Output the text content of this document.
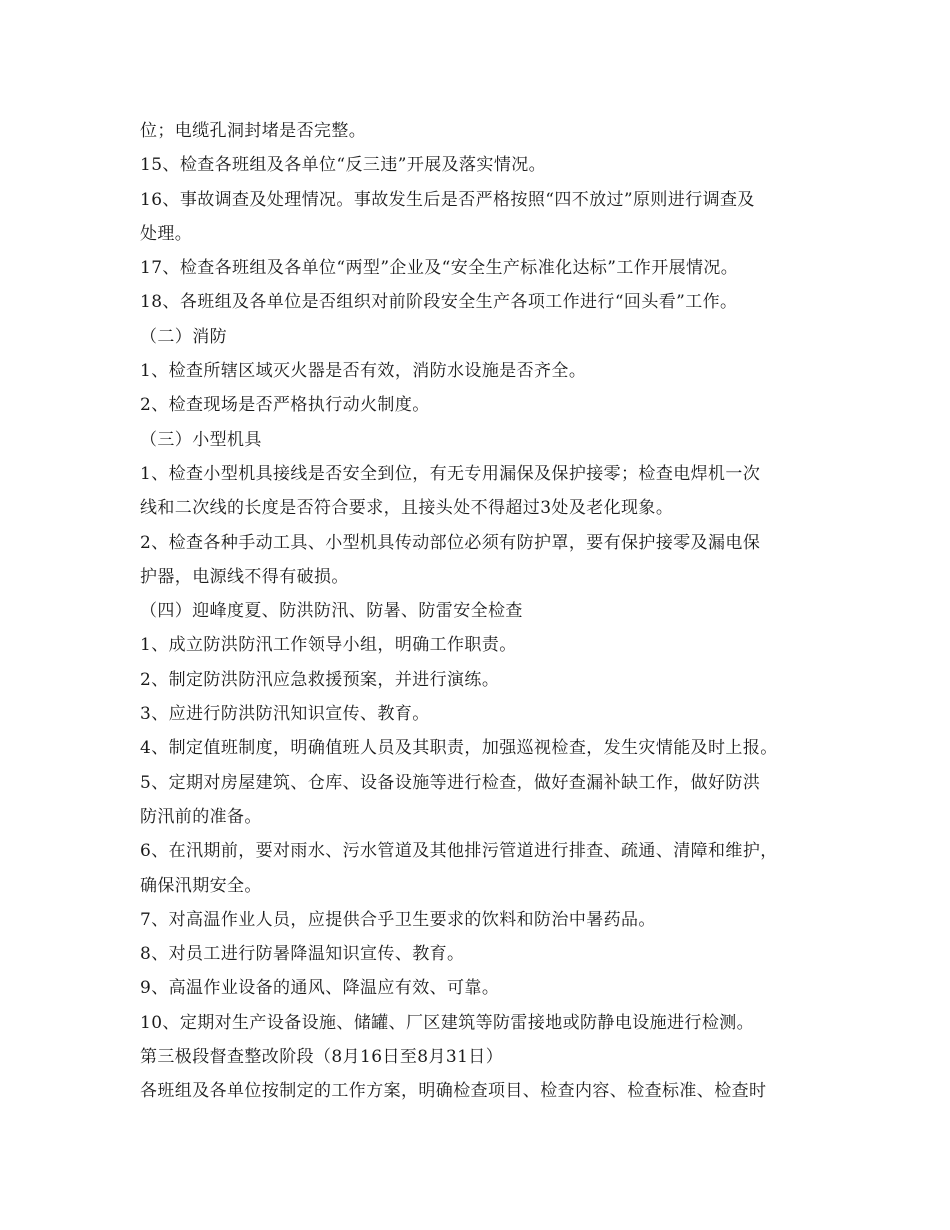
位；电缆孔洞封堵是否完整。
15、检查各班组及各单位“反三违”开展及落实情况。
16、事故调查及处理情况。事故发生后是否严格按照“四不放过”原则进行调查及
处理。
17、检查各班组及各单位“两型”企业及“安全生产标准化达标”工作开展情况。
18、各班组及各单位是否组织对前阶段安全生产各项工作进行“回头看”工作。
（二）消防
1、检查所辖区域灭火器是否有效，消防水设施是否齐全。
2、检查现场是否严格执行动火制度。
（三）小型机具
1、检查小型机具接线是否安全到位，有无专用漏保及保护接零；检查电焊机一次
线和二次线的长度是否符合要求，且接头处不得超过3处及老化现象。
2、检查各种手动工具、小型机具传动部位必须有防护罩，要有保护接零及漏电保
护器，电源线不得有破损。
（四）迎峰度夏、防洪防汛、防暑、防雷安全检查
1、成立防洪防汛工作领导小组，明确工作职责。
2、制定防洪防汛应急救援预案，并进行演练。
3、应进行防洪防汛知识宣传、教育。
4、制定值班制度，明确值班人员及其职责，加强巡视检查，发生灾情能及时上报。
5、定期对房屋建筑、仓库、设备设施等进行检查，做好查漏补缺工作，做好防洪
防汛前的准备。
6、在汛期前，要对雨水、污水管道及其他排污管道进行排查、疏通、清障和维护，
确保汛期安全。
7、对高温作业人员，应提供合乎卫生要求的饮料和防治中暑药品。
8、对员工进行防暑降温知识宣传、教育。
9、高温作业设备的通风、降温应有效、可靠。
10、定期对生产设备设施、储罐、厂区建筑等防雷接地或防静电设施进行检测。
第三极段督查整改阶段（8月16日至8月31日）
各班组及各单位按制定的工作方案，明确检查项目、检查内容、检查标准、检查时
